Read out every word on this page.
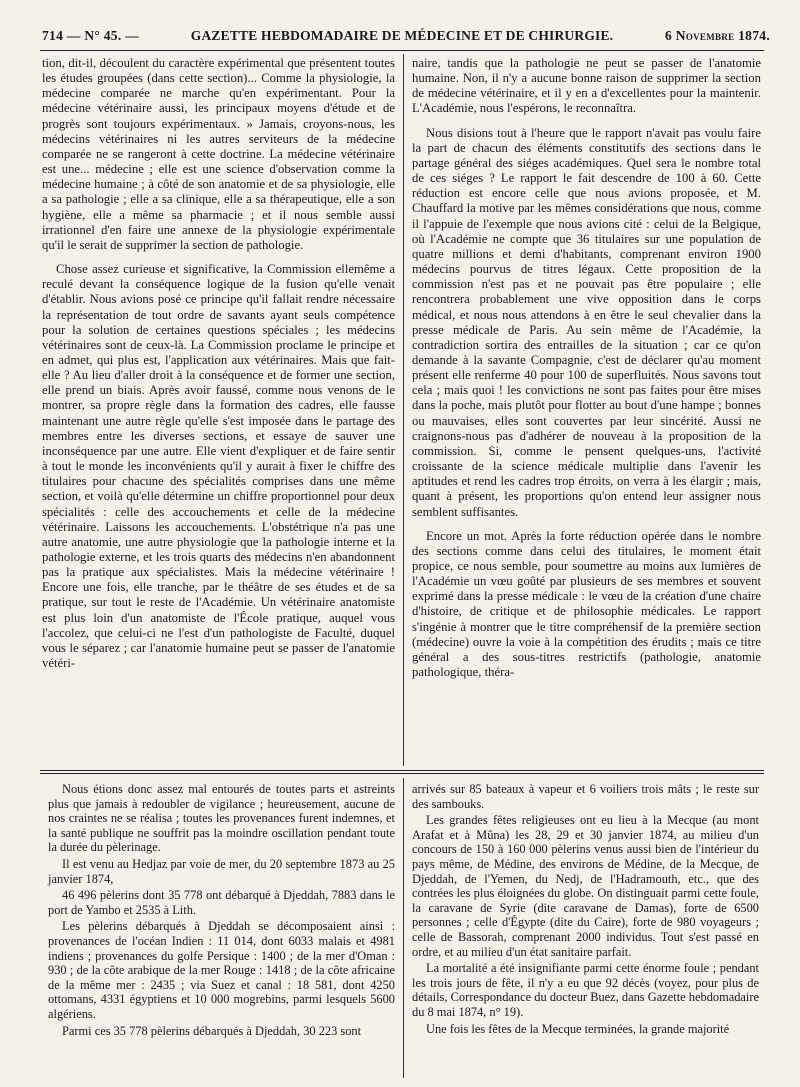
714 — N° 45. —	GAZETTE HEBDOMADAIRE DE MÉDECINE ET DE CHIRURGIE.	6 Novembre 1874.

tion, dit-il, découlent du caractère expérimental que présentent toutes les études groupées (dans cette section)... Comme la physiologie, la médecine comparée ne marche qu'en expérimentant. Pour la médecine vétérinaire aussi, les principaux moyens d'étude et de progrès sont toujours expérimentaux. » Jamais, croyons-nous, les médecins vétérinaires ni les autres serviteurs de la médecine comparée ne se rangeront à cette doctrine. La médecine vétérinaire est une... médecine ; elle est une science d'observation comme la médecine humaine ; à côté de son anatomie et de sa physiologie, elle a sa pathologie ; elle a sa clinique, elle a sa thérapeutique, elle a son hygiène, elle a même sa pharmacie ; et il nous semble aussi irrationnel d'en faire une annexe de la physiologie expérimentale qu'il le serait de supprimer la section de pathologie.

Chose assez curieuse et significative, la Commission ellemême a reculé devant la conséquence logique de la fusion qu'elle venait d'établir. Nous avions posé ce principe qu'il fallait rendre nécessaire la représentation de tout ordre de savants ayant seuls compétence pour la solution de certaines questions spéciales ; les médecins vétérinaires sont de ceux-là. La Commission proclame le principe et en admet, qui plus est, l'application aux vétérinaires. Mais que fait-elle ? Au lieu d'aller droit à la conséquence et de former une section, elle prend un biais. Après avoir faussé, comme nous venons de le montrer, sa propre règle dans la formation des cadres, elle fausse maintenant une autre règle qu'elle s'est imposée dans le partage des membres entre les diverses sections, et essaye de sauver une inconséquence par une autre. Elle vient d'expliquer et de faire sentir à tout le monde les inconvénients qu'il y aurait à fixer le chiffre des titulaires pour chacune des spécialités comprises dans une même section, et voilà qu'elle détermine un chiffre proportionnel pour deux spécialités : celle des accouchements et celle de la médecine vétérinaire. Laissons les accouchements. L'obstétrique n'a pas une autre anatomie, une autre physiologie que la pathologie interne et la pathologie externe, et les trois quarts des médecins n'en abandonnent pas la pratique aux spécialistes. Mais la médecine vétérinaire ! Encore une fois, elle tranche, par le théâtre de ses études et de sa pratique, sur tout le reste de l'Académie. Un vétérinaire anatomiste est plus loin d'un anatomiste de l'École pratique, auquel vous l'accolez, que celui-ci ne l'est d'un pathologiste de Faculté, duquel vous le séparez ; car l'anatomie humaine peut se passer de l'anatomie vétéri-

naire, tandis que la pathologie ne peut se passer de l'anatomie humaine. Non, il n'y a aucune bonne raison de supprimer la section de médecine vétérinaire, et il y en a d'excellentes pour la maintenir. L'Académie, nous l'espérons, le reconnaîtra.

Nous disions tout à l'heure que le rapport n'avait pas voulu faire la part de chacun des éléments constitutifs des sections dans le partage général des siéges académiques. Quel sera le nombre total de ces siéges ? Le rapport le fait descendre de 100 à 60. Cette réduction est encore celle que nous avions proposée, et M. Chauffard la motive par les mêmes considérations que nous, comme il l'appuie de l'exemple que nous avions cité : celui de la Belgique, où l'Académie ne compte que 36 titulaires sur une population de quatre millions et demi d'habitants, comprenant environ 1900 médecins pourvus de titres légaux. Cette proposition de la commission n'est pas et ne pouvait pas être populaire ; elle rencontrera probablement une vive opposition dans le corps médical, et nous nous attendons à en être le seul chevalier dans la presse médicale de Paris. Au sein même de l'Académie, la contradiction sortira des entrailles de la situation ; car ce qu'on demande à la savante Compagnie, c'est de déclarer qu'au moment présent elle renferme 40 pour 100 de superfluités. Nous savons tout cela ; mais quoi ! les convictions ne sont pas faites pour être mises dans la poche, mais plutôt pour flotter au bout d'une hampe ; bonnes ou mauvaises, elles sont couvertes par leur sincérité. Aussi ne craignons-nous pas d'adhérer de nouveau à la proposition de la commission. Si, comme le pensent quelques-uns, l'activité croissante de la science médicale multiplie dans l'avenir les aptitudes et rend les cadres trop étroits, on verra à les élargir ; mais, quant à présent, les proportions qu'on entend leur assigner nous semblent suffisantes.

Encore un mot. Après la forte réduction opérée dans le nombre des sections comme dans celui des titulaires, le moment était propice, ce nous semble, pour soumettre au moins aux lumières de l'Académie un vœu goûté par plusieurs de ses membres et souvent exprimé dans la presse médicale : le vœu de la création d'une chaire d'histoire, de critique et de philosophie médicales. Le rapport s'ingénie à montrer que le titre compréhensif de la première section (médecine) ouvre la voie à la compétition des érudits ; mais ce titre général a des sous-titres restrictifs (pathologie, anatomie pathologique, théra-

Nous étions donc assez mal entourés de toutes parts et astreints plus que jamais à redoubler de vigilance ; heureusement, aucune de nos craintes ne se réalisa ; toutes les provenances furent indemnes, et la santé publique ne souffrit pas la moindre oscillation pendant toute la durée du pèlerinage.

Il est venu au Hedjaz par voie de mer, du 20 septembre 1873 au 25 janvier 1874,

46 496 pèlerins dont 35 778 ont débarqué à Djeddah, 7883 dans le port de Yambo et 2535 à Lith.

Les pèlerins débarqués à Djeddah se décomposaient ainsi : provenances de l'océan Indien : 11 014, dont 6033 malais et 4981 indiens ; provenances du golfe Persique : 1400 ; de la mer d'Oman : 930 ; de la côte arabique de la mer Rouge : 1418 ; de la côte africaine de la même mer : 2435 ; via Suez et canal : 18 581, dont 4250 ottomans, 4331 égyptiens et 10 000 mogrebins, parmi lesquels 5600 algériens.

Parmi ces 35 778 pèlerins débarqués à Djeddah, 30 223 sont

arrivés sur 85 bateaux à vapeur et 6 voiliers trois mâts ; le reste sur des sambouks.

Les grandes fêtes religieuses ont eu lieu à la Mecque (au mont Arafat et à Mûna) les 28, 29 et 30 janvier 1874, au milieu d'un concours de 150 à 160 000 pèlerins venus aussi bien de l'intérieur du pays même, de Médine, des environs de Médine, de la Mecque, de Djeddah, de l'Yemen, du Nedj, de l'Hadramouth, etc., que des contrées les plus éloignées du globe. On distinguait parmi cette foule, la caravane de Syrie (dite caravane de Damas), forte de 6500 personnes ; celle d'Égypte (dite du Caire), forte de 980 voyageurs ; celle de Bassorah, comprenant 2000 individus. Tout s'est passé en ordre, et au milieu d'un état sanitaire parfait.

La mortalité a été insignifiante parmi cette énorme foule ; pendant les trois jours de fête, il n'y a eu que 92 décès (voyez, pour plus de détails, Correspondance du docteur Buez, dans Gazette hebdomadaire du 8 mai 1874, n° 19).

Une fois les fêtes de la Mecque terminées, la grande majorité
